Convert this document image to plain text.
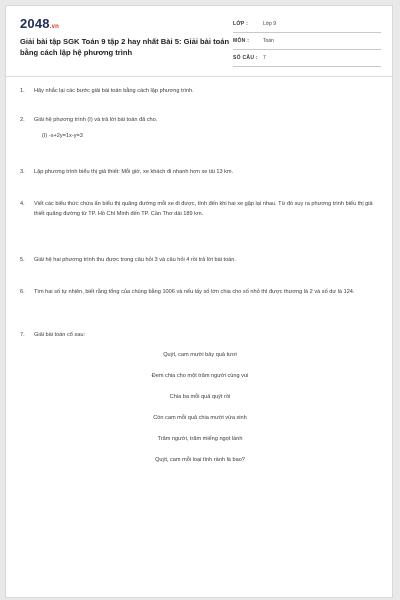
2048.vn
Giải bài tập SGK Toán 9 tập 2 hay nhất Bài 5: Giải bài toán bằng cách lập hệ phương trình
LỚP :	Lớp 9
MÔN :	Toán
SỐ CÂU : 7
1. Hãy nhắc lại các bước giải bài toán bằng cách lập phương trình.
2. Giải hệ phương trình (I) và trả lời bài toán đã cho.
(I) -x+2y=1x-y=3
3. Lập phương trình biểu thị giả thiết: Mỗi giờ, xe khách đi nhanh hơn xe tải 13 km.
4. Viết các biểu thức chứa ẩn biểu thị quãng đường mỗi xe đi được, tính đến khi hai xe gặp lại nhau. Từ đó suy ra phương trình biểu thị giả thiết quãng đường từ TP. Hồ Chí Minh đến TP. Cần Thơ dài 189 km.
5. Giải hệ hai phương trình thu được trong câu hỏi 3 và câu hỏi 4 rồi trả lời bài toán.
6. Tìm hai số tự nhiên, biết rằng tổng của chúng bằng 1006 và nếu lấy số lớn chia cho số nhỏ thì được thương là 2 và số dư là 124.
7. Giải bài toán cổ sau:
Quýt, cam mười bảy quả tươi
Đem chia cho một trăm người cùng vui
Chia ba mỗi quả quýt rồi
Còn cam mỗi quả chia mười vừa xinh
Trăm người, trăm miếng ngọt lành
Quýt, cam mỗi loại tính rành là bao?
